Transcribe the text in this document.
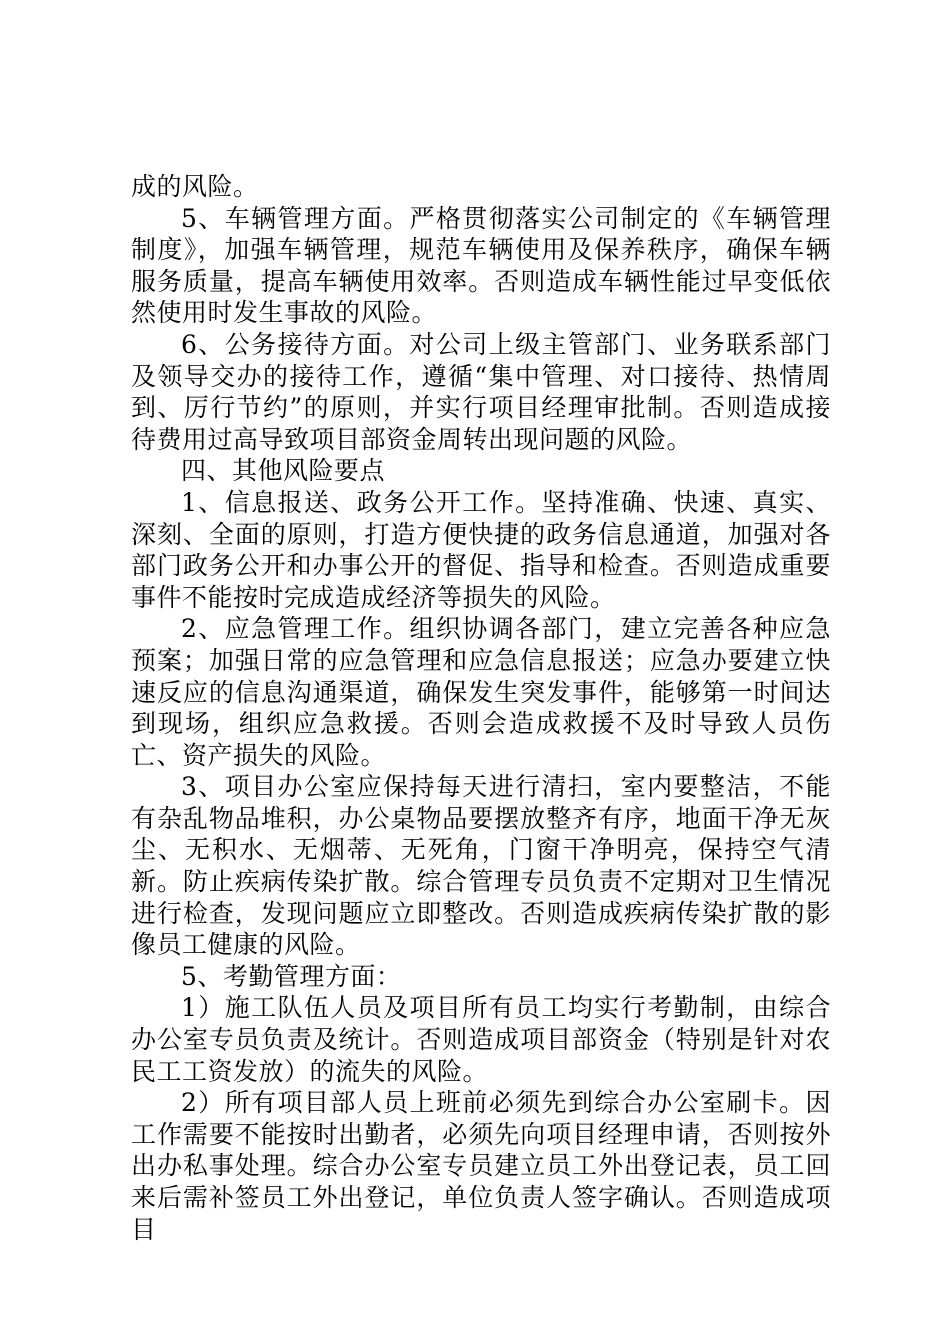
成的风险。

5、车辆管理方面。严格贯彻落实公司制定的《车辆管理制度》，加强车辆管理，规范车辆使用及保养秩序，确保车辆服务质量，提高车辆使用效率。否则造成车辆性能过早变低依然使用时发生事故的风险。

6、公务接待方面。对公司上级主管部门、业务联系部门及领导交办的接待工作，遵循“集中管理、对口接待、热情周到、厉行节约”的原则，并实行项目经理审批制。否则造成接待费用过高导致项目部资金周转出现问题的风险。

四、其他风险要点

1、信息报送、政务公开工作。坚持准确、快速、真实、深刻、全面的原则，打造方便快捷的政务信息通道，加强对各部门政务公开和办事公开的督促、指导和检查。否则造成重要事件不能按时完成造成经济等损失的风险。

2、应急管理工作。组织协调各部门，建立完善各种应急预案；加强日常的应急管理和应急信息报送；应急办要建立快速反应的信息沟通渠道，确保发生突发事件，能够第一时间达到现场，组织应急救援。否则会造成救援不及时导致人员伤亡、资产损失的风险。

3、项目办公室应保持每天进行清扫，室内要整洁，不能有杂乱物品堆积，办公桌物品要摆放整齐有序，地面干净无灰尘、无积水、无烟蒂、无死角，门窗干净明亮，保持空气清新。防止疾病传染扩散。综合管理专员负责不定期对卫生情况进行检查，发现问题应立即整改。否则造成疾病传染扩散的影像员工健康的风险。

5、考勤管理方面：

1）施工队伍人员及项目所有员工均实行考勤制，由综合办公室专员负责及统计。否则造成项目部资金（特别是针对农民工工资发放）的流失的风险。

2）所有项目部人员上班前必须先到综合办公室刷卡。因工作需要不能按时出勤者，必须先向项目经理申请，否则按外出办私事处理。综合办公室专员建立员工外出登记表，员工回来后需补签员工外出登记，单位负责人签字确认。否则造成项目
